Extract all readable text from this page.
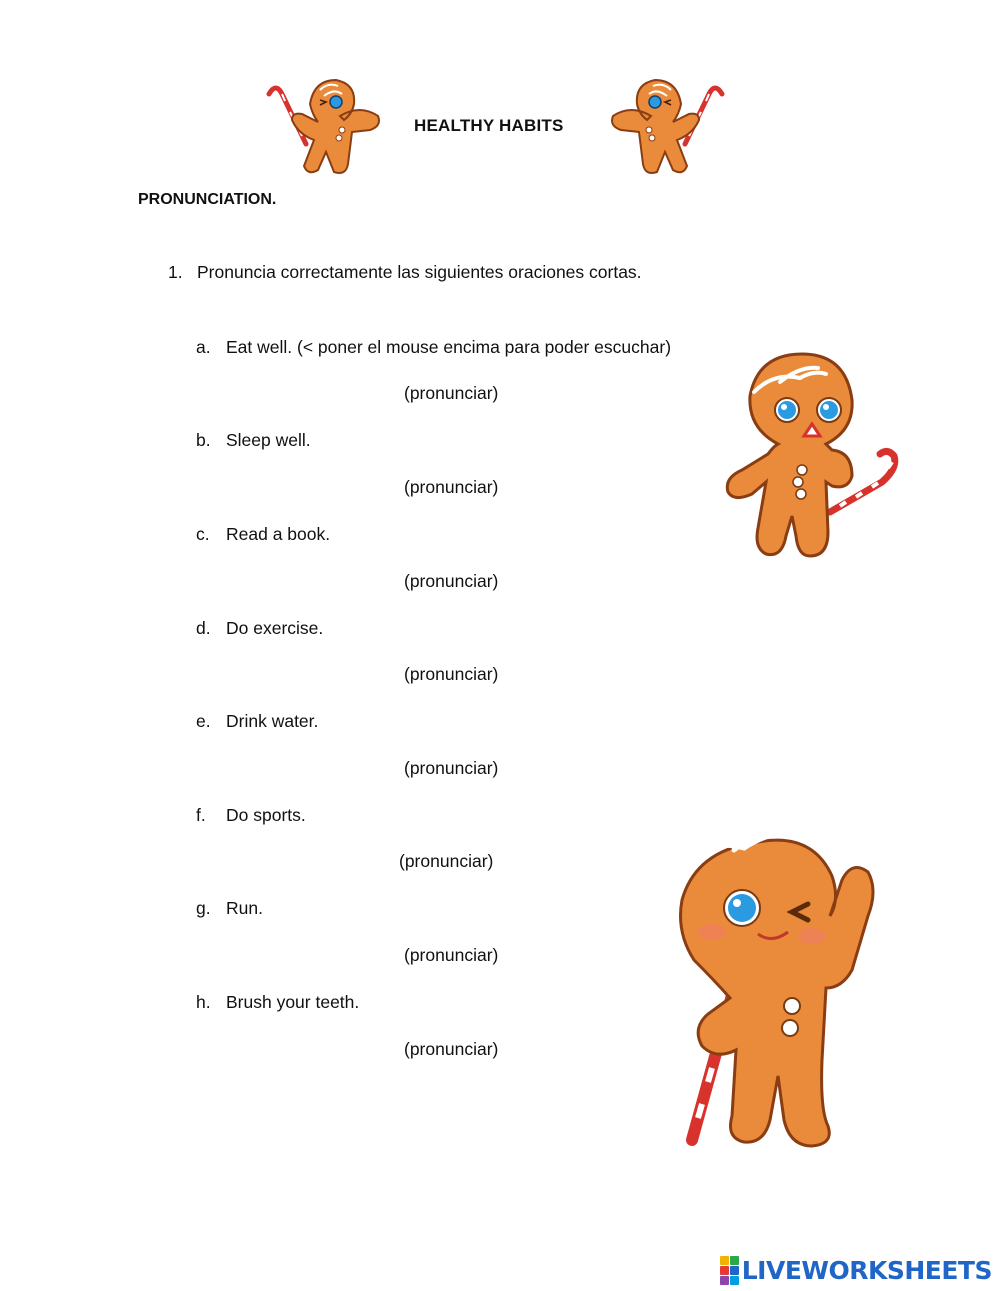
HEALTHY HABITS
PRONUNCIATION.
1. Pronuncia correctamente las siguientes oraciones cortas.
a. Eat well. (< poner el mouse encima para poder escuchar)
(pronunciar)
b. Sleep well.
(pronunciar)
c. Read a book.
(pronunciar)
d. Do exercise.
(pronunciar)
e. Drink water.
(pronunciar)
f. Do sports.
(pronunciar)
g. Run.
(pronunciar)
h. Brush your teeth.
(pronunciar)
LIVEWORKSHEETS
